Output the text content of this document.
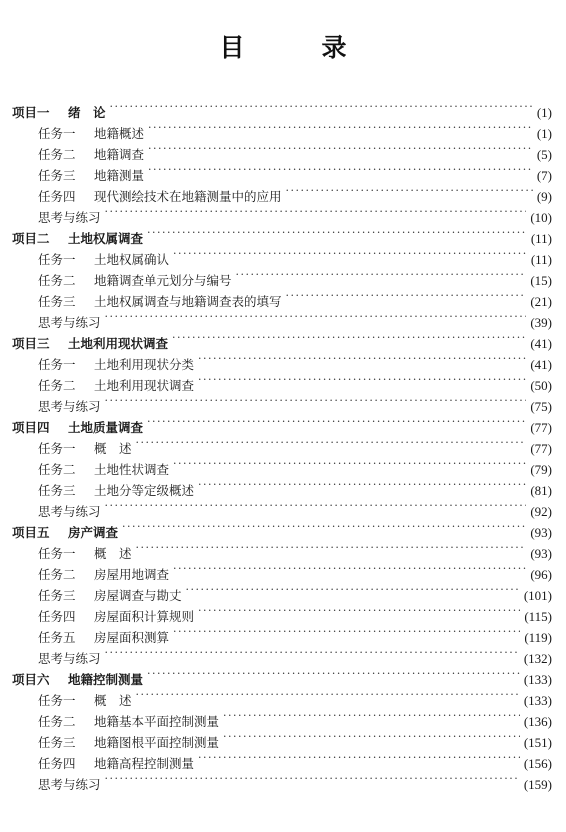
目　录
项目一 绪　论 ·····	(1)
任务一 地籍概述 ·····	(1)
任务二 地籍调查 ·····	(5)
任务三 地籍测量 ·····	(7)
任务四 现代测绘技术在地籍测量中的应用 ·····	(9)
思考与练习 ·····	(10)
项目二 土地权属调查 ·····	(11)
任务一 土地权属确认 ·····	(11)
任务二 地籍调查单元划分与编号 ·····	(15)
任务三 土地权属调查与地籍调查表的填写 ·····	(21)
思考与练习 ·····	(39)
项目三 土地利用现状调查 ·····	(41)
任务一 土地利用现状分类 ·····	(41)
任务二 土地利用现状调查 ·····	(50)
思考与练习 ·····	(75)
项目四 土地质量调查 ·····	(77)
任务一 概　述 ·····	(77)
任务二 土地性状调查 ·····	(79)
任务三 土地分等定级概述 ·····	(81)
思考与练习 ·····	(92)
项目五 房产调查 ·····	(93)
任务一 概　述 ·····	(93)
任务二 房屋用地调查 ·····	(96)
任务三 房屋调查与勘丈 ·····	(101)
任务四 房屋面积计算规则 ·····	(115)
任务五 房屋面积测算 ·····	(119)
思考与练习 ·····	(132)
项目六 地籍控制测量 ·····	(133)
任务一 概　述 ·····	(133)
任务二 地籍基本平面控制测量 ·····	(136)
任务三 地籍图根平面控制测量 ·····	(151)
任务四 地籍高程控制测量 ·····	(156)
思考与练习 ·····	(159)
